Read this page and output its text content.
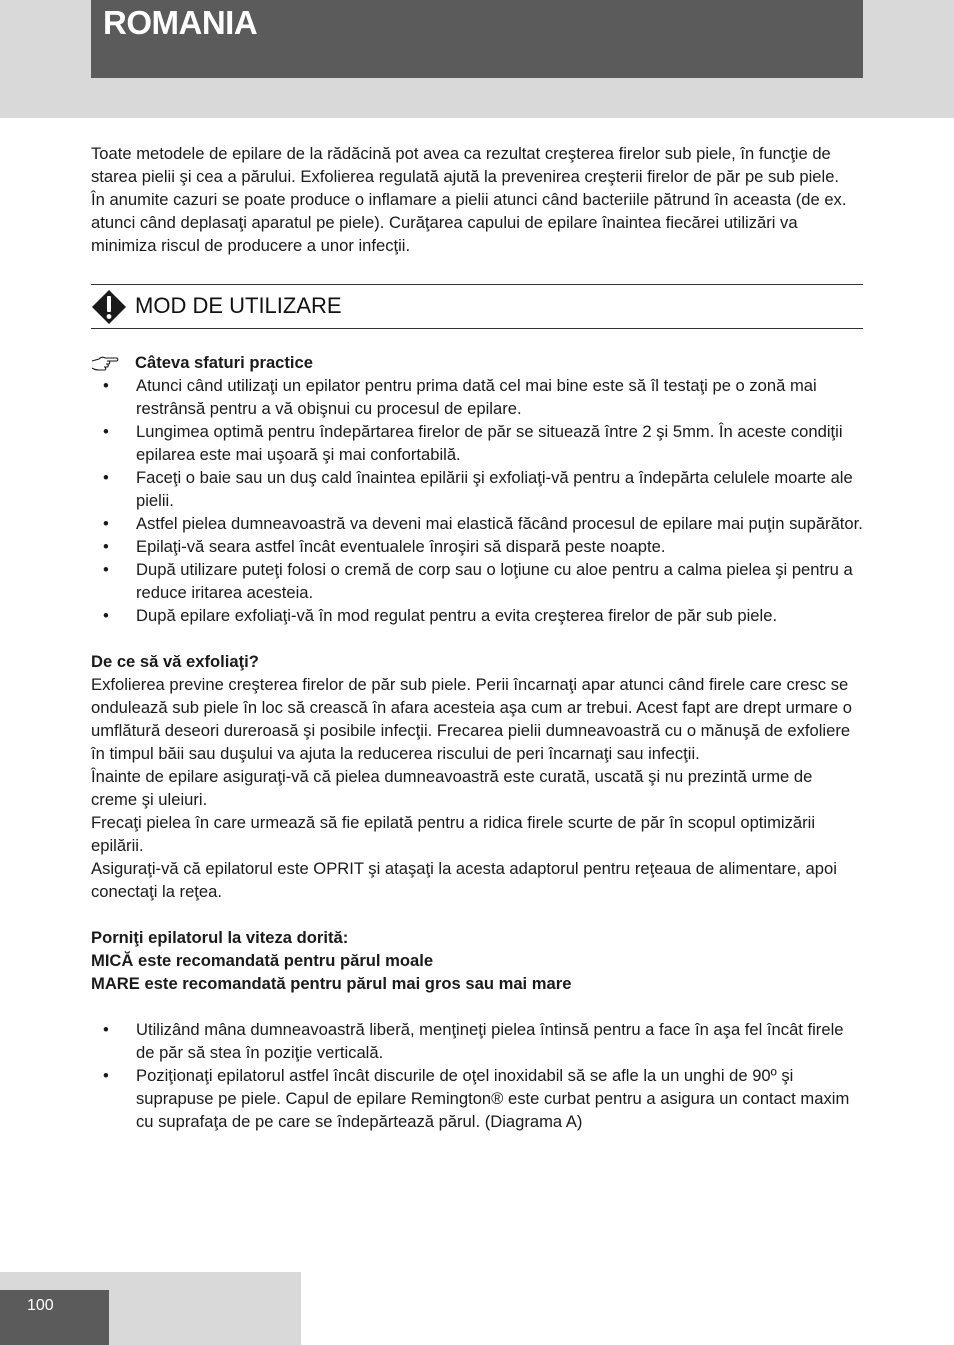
ROMANIA

Toate metodele de epilare de la rădăcină pot avea ca rezultat creşterea firelor sub piele, în funcţie de starea pielii şi cea a părului. Exfolierea regulată ajută la prevenirea creşterii firelor de păr pe sub piele.

În anumite cazuri se poate produce o inflamare a pielii atunci când bacteriile pătrund în aceasta (de ex. atunci când deplasaţi aparatul pe piele). Curăţarea capului de epilare înaintea fiecărei utilizări va minimiza riscul de producere a unor infecţii.

MOD DE UTILIZARE
Câteva sfaturi practice
• Atunci când utilizaţi un epilator pentru prima dată cel mai bine este să îl testaţi pe o zonă mai restrânsă pentru a vă obişnui cu procesul de epilare.
• Lungimea optimă pentru îndepărtarea firelor de păr se situează între 2 şi 5mm. În aceste condiţii epilarea este mai uşoară şi mai confortabilă.
• Faceţi o baie sau un duş cald înaintea epilării şi exfoliaţi-vă pentru a îndepărta celulele moarte ale pielii.
• Astfel pielea dumneavoastră va deveni mai elastică făcând procesul de epilare mai puţin supărător.
• Epilaţi-vă seara astfel încât eventualele înroşiri să dispară peste noapte.
• După utilizare puteţi folosi o cremă de corp sau o loţiune cu aloe pentru a calma pielea şi pentru a reduce iritarea acesteia.
• După epilare exfoliaţi-vă în mod regulat pentru a evita creşterea firelor de păr sub piele.

De ce să vă exfoliaţi?

Exfolierea previne creşterea firelor de păr sub piele. Perii încarnaţi apar atunci când firele care cresc se ondulează sub piele în loc să crească în afara acesteia aşa cum ar trebui. Acest fapt are drept urmare o umflătură deseori dureroasă şi posibile infecţii. Frecarea pielii dumneavoastră cu o mănuşă de exfoliere în timpul băii sau duşului va ajuta la reducerea riscului de peri încarnaţi sau infecţii.

Înainte de epilare asiguraţi-vă că pielea dumneavoastră este curată, uscată şi nu prezintă urme de creme şi uleiuri.

Frecaţi pielea în care urmează să fie epilată pentru a ridica firele scurte de păr în scopul optimizării epilării.

Asiguraţi-vă că epilatorul este OPRIT şi ataşaţi la acesta adaptorul pentru reţeaua de alimentare, apoi conectaţi la reţea.

Porniţi epilatorul la viteza dorită:

MICĂ este recomandată pentru părul moale

MARE este recomandată pentru părul mai gros sau mai mare

• Utilizând mâna dumneavoastră liberă, menţineţi pielea întinsă pentru a face în aşa fel încât firele de păr să stea în poziţie verticală.
• Poziţionaţi epilatorul astfel încât discurile de oţel inoxidabil să se afle la un unghi de 90º şi suprapuse pe piele. Capul de epilare Remington® este curbat pentru a asigura un contact maxim cu suprafaţa de pe care se îndepărtează părul. (Diagrama A)
100
